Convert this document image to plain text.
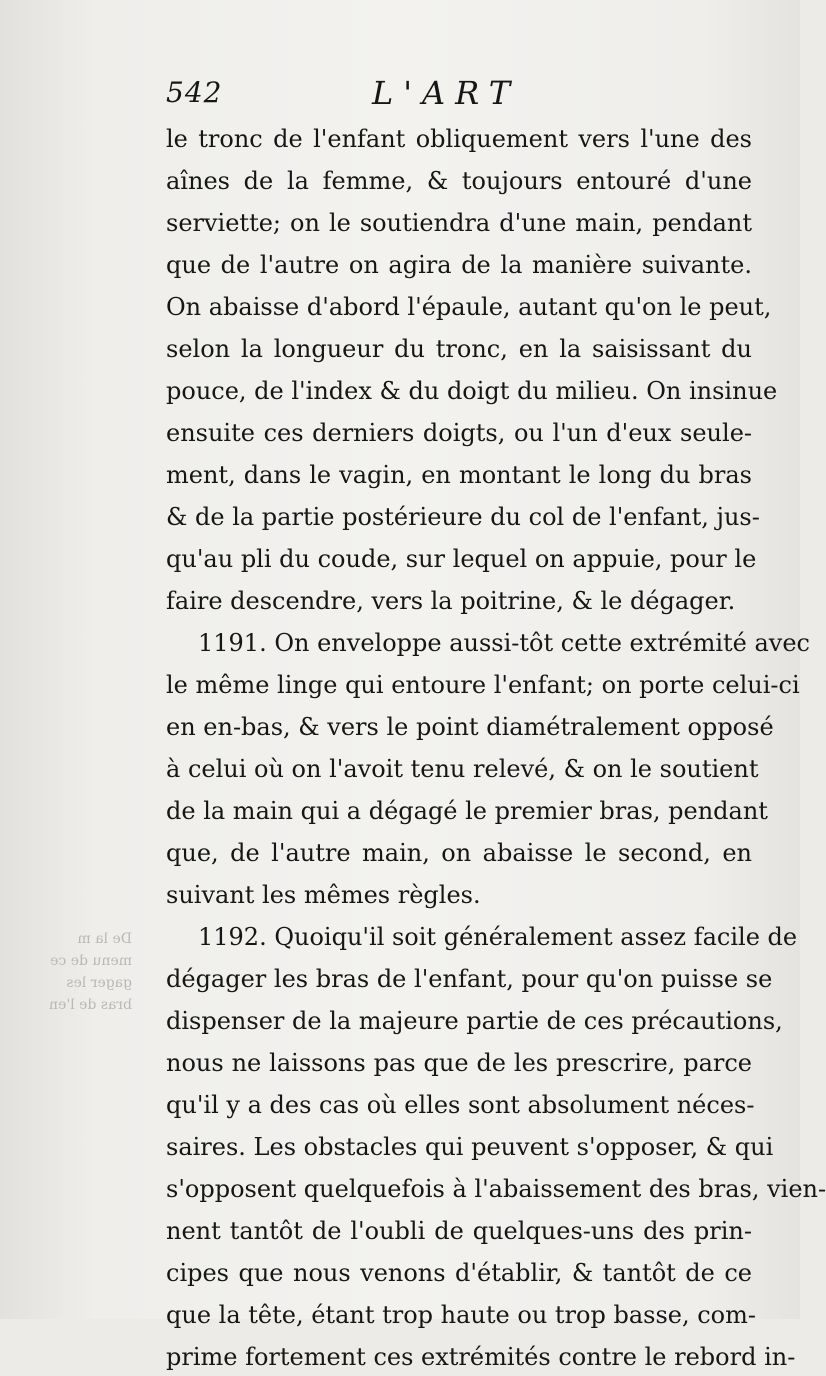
542	L'ART
De la m
menu de ce
gager les
bras de l'en
le tronc de l'enfant obliquement vers l'une des
aînes de la femme, & toujours entouré d'une
serviette; on le soutiendra d'une main, pendant
que de l'autre on agira de la manière suivante.
On abaisse d'abord l'épaule, autant qu'on le peut,
selon la longueur du tronc, en la saisissant du
pouce, de l'index & du doigt du milieu. On insinue
ensuite ces derniers doigts, ou l'un d'eux seule-
ment, dans le vagin, en montant le long du bras
& de la partie postérieure du col de l'enfant, jus-
qu'au pli du coude, sur lequel on appuie, pour le
faire descendre, vers la poitrine, & le dégager.
1191. On enveloppe aussi-tôt cette extrémité avec
le même linge qui entoure l'enfant; on porte celui-ci
en en-bas, & vers le point diamétralement opposé
à celui où on l'avoit tenu relevé, & on le soutient
de la main qui a dégagé le premier bras, pendant
que, de l'autre main, on abaisse le second, en
suivant les mêmes règles.
1192. Quoiqu'il soit généralement assez facile de
dégager les bras de l'enfant, pour qu'on puisse se
dispenser de la majeure partie de ces précautions,
nous ne laissons pas que de les prescrire, parce
qu'il y a des cas où elles sont absolument néces-
saires. Les obstacles qui peuvent s'opposer, & qui
s'opposent quelquefois à l'abaissement des bras, vien-
nent tantôt de l'oubli de quelques-uns des prin-
cipes que nous venons d'établir, & tantôt de ce
que la tête, étant trop haute ou trop basse, com-
prime fortement ces extrémités contre le rebord in-
